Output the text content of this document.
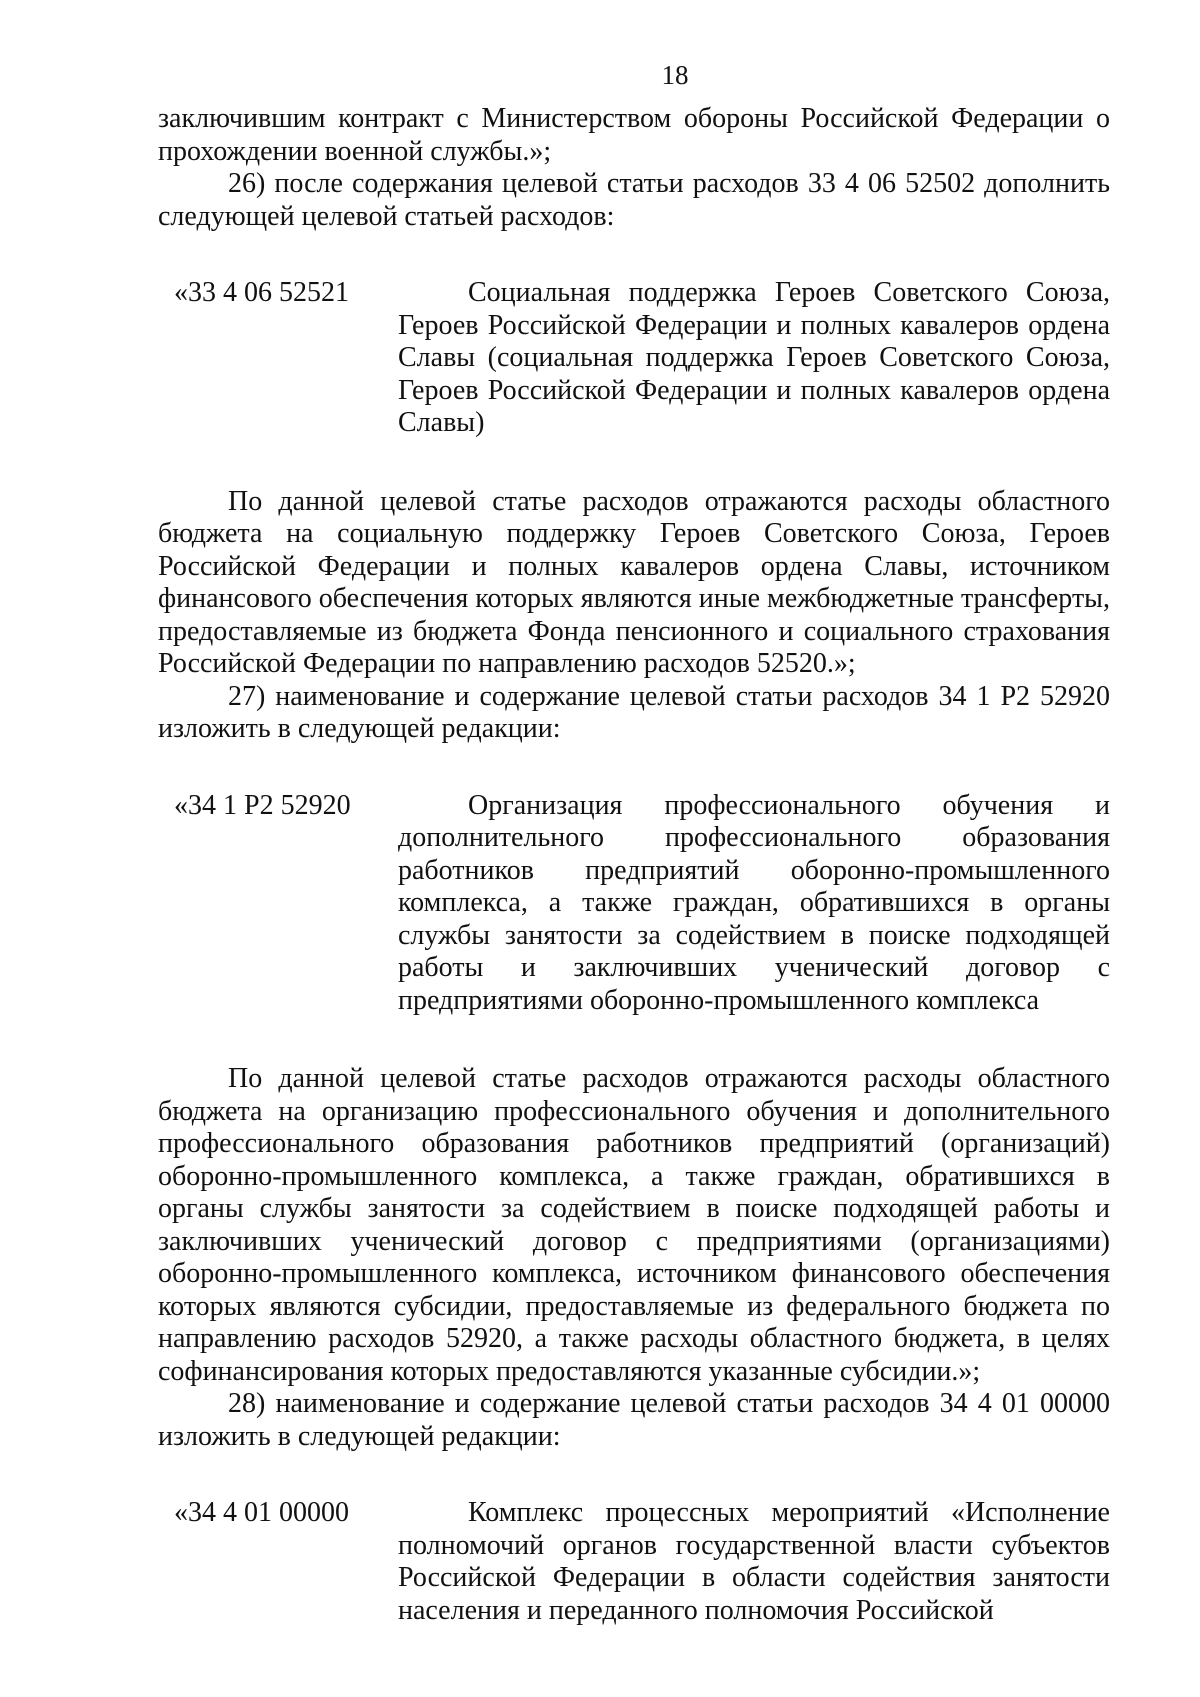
18

заключившим контракт с Министерством обороны Российской Федерации о прохождении военной службы.»;

26) после содержания целевой статьи расходов 33 4 06 52502 дополнить следующей целевой статьей расходов:

«33 4 06 52521	Социальная поддержка Героев Советского Союза, Героев Российской Федерации и полных кавалеров ордена Славы (социальная поддержка Героев Советского Союза, Героев Российской Федерации и полных кавалеров ордена Славы)

По данной целевой статье расходов отражаются расходы областного бюджета на социальную поддержку Героев Советского Союза, Героев Российской Федерации и полных кавалеров ордена Славы, источником финансового обеспечения которых являются иные межбюджетные трансферты, предоставляемые из бюджета Фонда пенсионного и социального страхования Российской Федерации по направлению расходов 52520.»;

27) наименование и содержание целевой статьи расходов 34 1 Р2 52920 изложить в следующей редакции:

«34 1 Р2 52920	Организация профессионального обучения и дополнительного профессионального образования работников предприятий оборонно-промышленного комплекса, а также граждан, обратившихся в органы службы занятости за содействием в поиске подходящей работы и заключивших ученический договор с предприятиями оборонно-промышленного комплекса

По данной целевой статье расходов отражаются расходы областного бюджета на организацию профессионального обучения и дополнительного профессионального образования работников предприятий (организаций) оборонно-промышленного комплекса, а также граждан, обратившихся в органы службы занятости за содействием в поиске подходящей работы и заключивших ученический договор с предприятиями (организациями) оборонно-промышленного комплекса, источником финансового обеспечения которых являются субсидии, предоставляемые из федерального бюджета по направлению расходов 52920, а также расходы областного бюджета, в целях софинансирования которых предоставляются указанные субсидии.»;

28) наименование и содержание целевой статьи расходов 34 4 01 00000 изложить в следующей редакции:

«34 4 01 00000	Комплекс процессных мероприятий «Исполнение полномочий органов государственной власти субъектов Российской Федерации в области содействия занятости населения и переданного полномочия Российской
